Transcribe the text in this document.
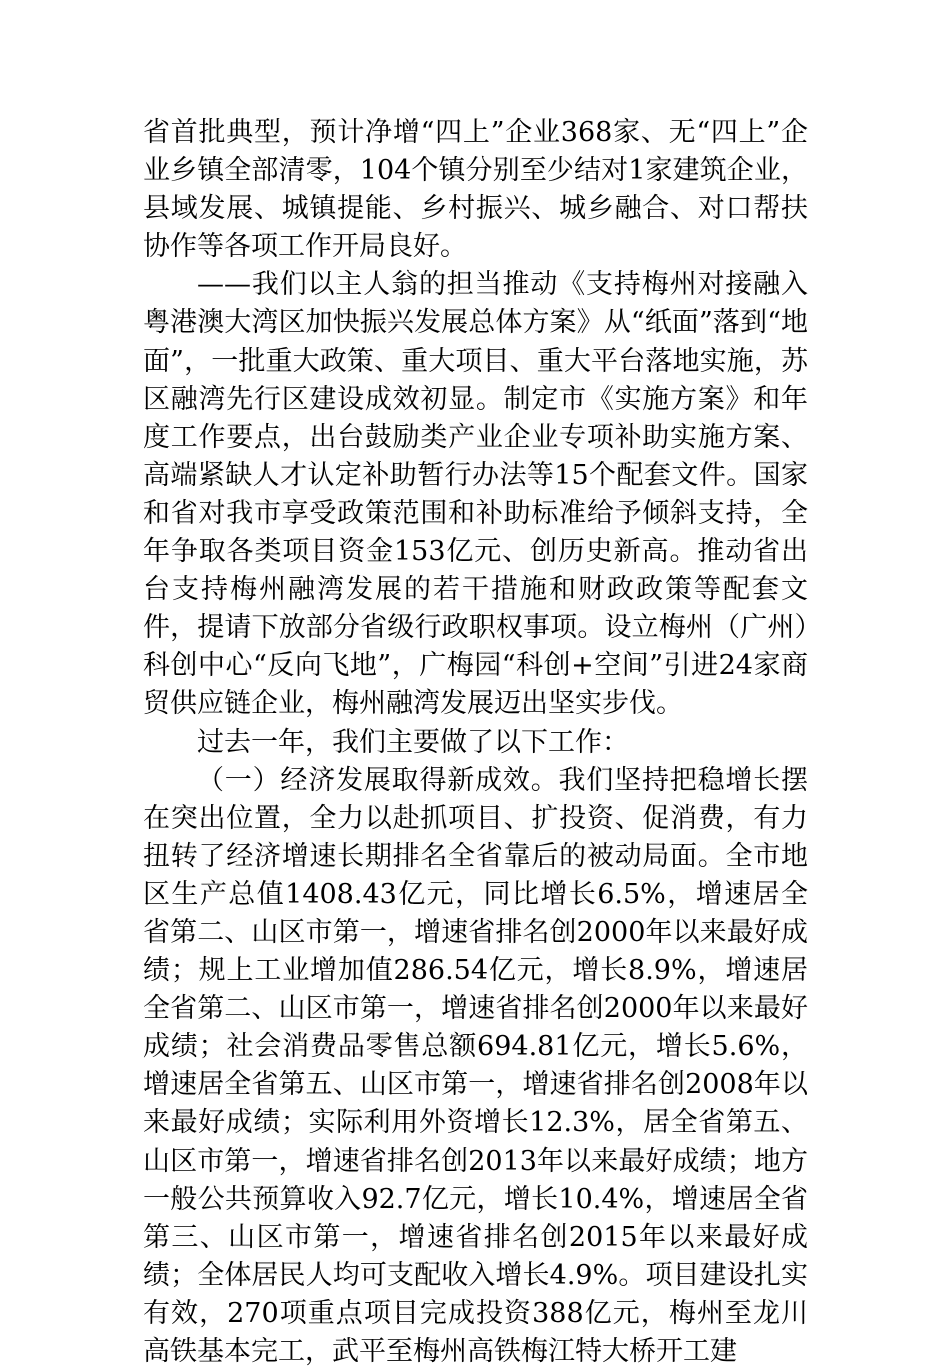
省首批典型，预计净增“四上”企业368家、无“四上”企业乡镇全部清零，104个镇分别至少结对1家建筑企业，县域发展、城镇提能、乡村振兴、城乡融合、对口帮扶协作等各项工作开局良好。

——我们以主人翁的担当推动《支持梅州对接融入粤港澳大湾区加快振兴发展总体方案》从“纸面”落到“地面”，一批重大政策、重大项目、重大平台落地实施，苏区融湾先行区建设成效初显。制定市《实施方案》和年度工作要点，出台鼓励类产业企业专项补助实施方案、高端紧缺人才认定补助暂行办法等15个配套文件。国家和省对我市享受政策范围和补助标准给予倾斜支持，全年争取各类项目资金153亿元、创历史新高。推动省出台支持梅州融湾发展的若干措施和财政政策等配套文件，提请下放部分省级行政职权事项。设立梅州（广州）科创中心“反向飞地”，广梅园“科创+空间”引进24家商贸供应链企业，梅州融湾发展迈出坚实步伐。

过去一年，我们主要做了以下工作：

（一）经济发展取得新成效。我们坚持把稳增长摆在突出位置，全力以赴抓项目、扩投资、促消费，有力扭转了经济增速长期排名全省靠后的被动局面。全市地区生产总值1408.43亿元，同比增长6.5%，增速居全省第二、山区市第一，增速省排名创2000年以来最好成绩；规上工业增加值286.54亿元，增长8.9%，增速居全省第二、山区市第一，增速省排名创2000年以来最好成绩；社会消费品零售总额694.81亿元，增长5.6%，增速居全省第五、山区市第一，增速省排名创2008年以来最好成绩；实际利用外资增长12.3%，居全省第五、山区市第一，增速省排名创2013年以来最好成绩；地方一般公共预算收入92.7亿元，增长10.4%，增速居全省第三、山区市第一，增速省排名创2015年以来最好成绩；全体居民人均可支配收入增长4.9%。项目建设扎实有效，270项重点项目完成投资388亿元，梅州至龙川高铁基本完工，武平至梅州高铁梅江特大桥开工建
